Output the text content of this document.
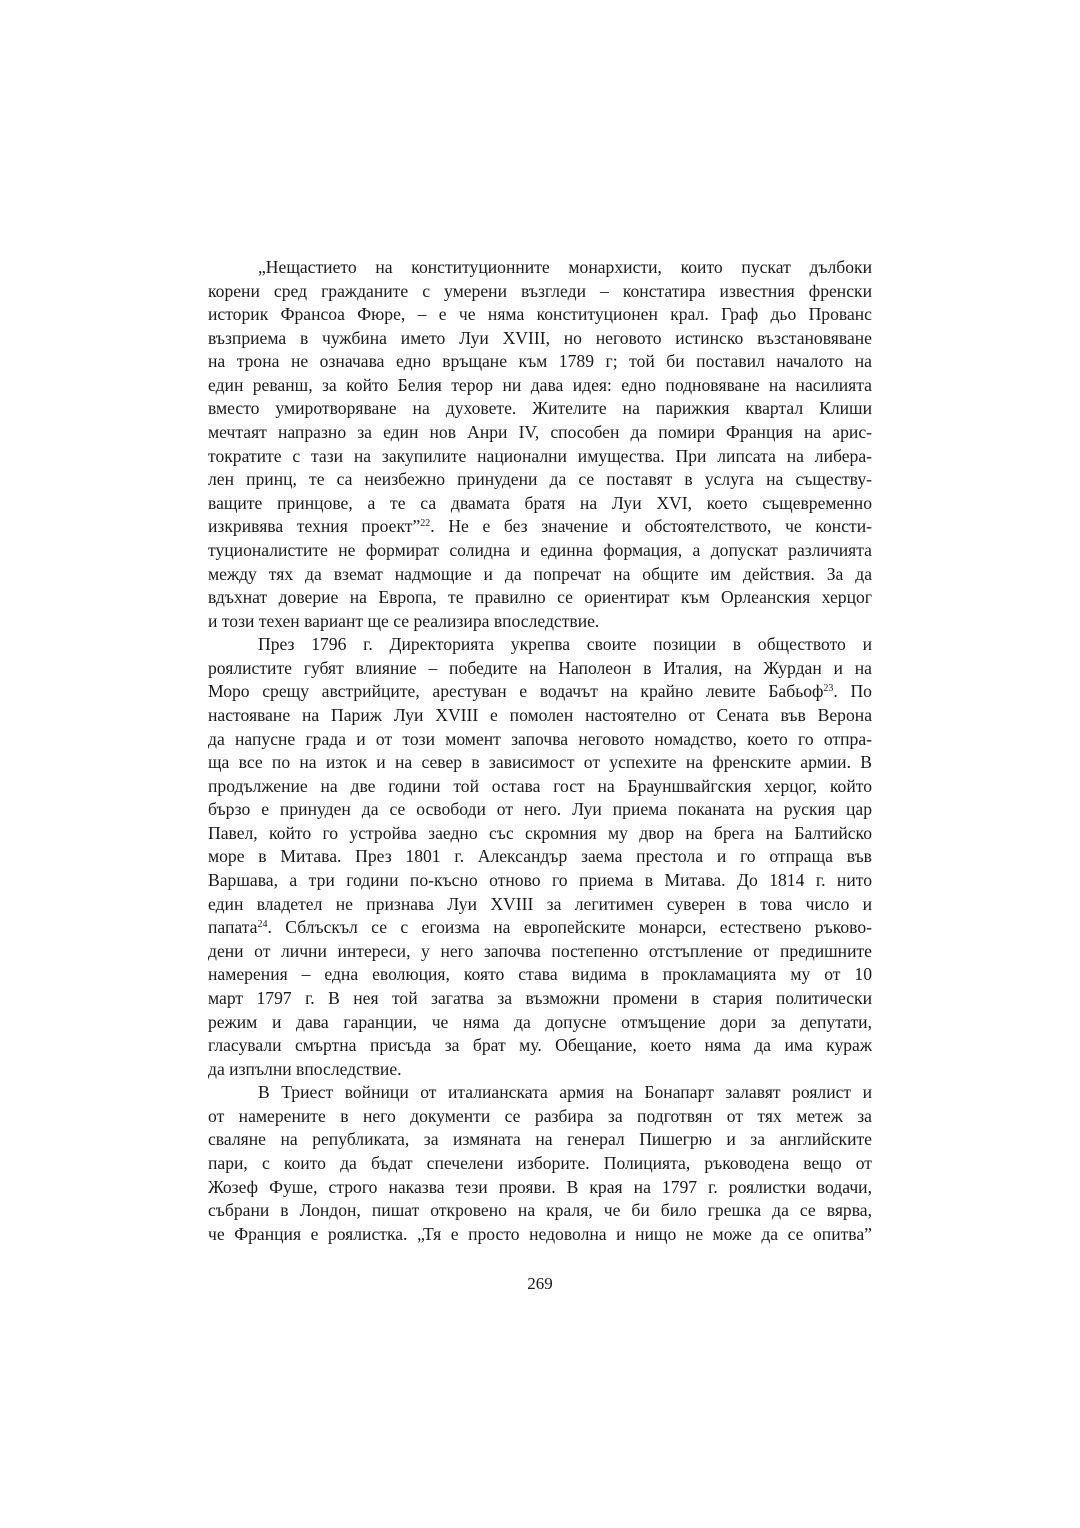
„Нещастието на конституционните монархисти, които пускат дълбоки
корени сред гражданите с умерени възгледи – констатира известния френски
историк Франсоа Фюре, – е че няма конституционен крал. Граф дьо Прованс
възприема в чужбина името Луи XVIII, но неговото истинско възстановяване
на трона не означава едно връщане към 1789 г; той би поставил началото на
един реванш, за който Белия терор ни дава идея: едно подновяване на насилията
вместо умиротворяване на духовете. Жителите на парижкия квартал Клиши
мечтаят напразно за един нов Анри IV, способен да помири Франция на арис-
тократите с тази на закупилите национални имущества. При липсата на либера-
лен принц, те са неизбежно принудени да се поставят в услуга на съществу-
ващите принцове, а те са двамата братя на Луи XVI, което същевременно
изкривява техния проект”$^{22}$. Не е без значение и обстоятелството, че консти-
туционалистите не формират солидна и единна формация, а допускат различията
между тях да вземат надмощие и да попречат на общите им действия. За да
вдъхнат доверие на Европа, те правилно се ориентират към Орлеанския херцог
и този техен вариант ще се реализира впоследствие.
През 1796 г. Директорията укрепва своите позиции в обществото и
роялистите губят влияние – победите на Наполеон в Италия, на Журдан и на
Моро срещу австрийците, арестуван е водачът на крайно левите Бабьоф$^{23}$. По
настояване на Париж Луи XVIII е помолен настоятелно от Сената във Верона
да напусне града и от този момент започва неговото номадство, което го отпра-
ща все по на изток и на север в зависимост от успехите на френските армии. В
продължение на две години той остава гост на Брауншвайгския херцог, който
бързо е принуден да се освободи от него. Луи приема поканата на руския цар
Павел, който го устройва заедно със скромния му двор на брега на Балтийско
море в Митава. През 1801 г. Александър заема престола и го отпраща във
Варшава, а три години по-късно отново го приема в Митава. До 1814 г. нито
един владетел не признава Луи XVIII за легитимен суверен в това число и
папата$^{24}$. Сблъскъл се с егоизма на европейските монарси, естествено ръково-
дени от лични интереси, у него започва постепенно отстъпление от предишните
намерения – една еволюция, която става видима в прокламацията му от 10
март 1797 г. В нея той загатва за възможни промени в стария политически
режим и дава гаранции, че няма да допусне отмъщение дори за депутати,
гласували смъртна присъда за брат му. Обещание, което няма да има кураж
да изпълни впоследствие.
В Триест войници от италианската армия на Бонапарт залавят роялист и
от намерените в него документи се разбира за подготвян от тях метеж за
сваляне на републиката, за измяната на генерал Пишегрю и за английските
пари, с които да бъдат спечелени изборите. Полицията, ръководена вещо от
Жозеф Фуше, строго наказва тези прояви. В края на 1797 г. роялистки водачи,
събрани в Лондон, пишат откровено на краля, че би било грешка да се вярва,
че Франция е роялистка. „Тя е просто недоволна и нищо не може да се опитва”
269
